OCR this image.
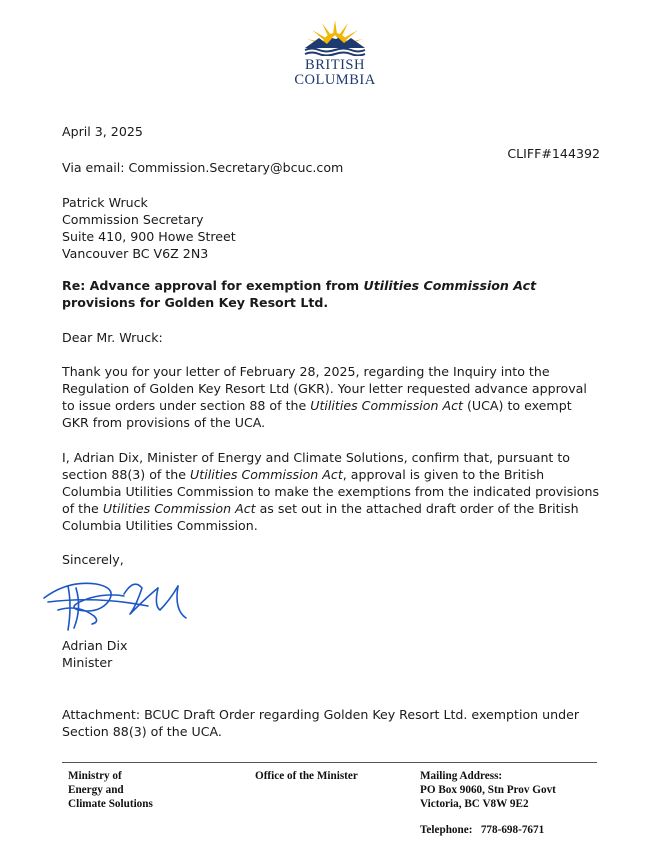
BRITISH
COLUMBIA
April 3, 2025
CLIFF#144392
Via email: Commission.Secretary@bcuc.com
Patrick Wruck
Commission Secretary
Suite 410, 900 Howe Street
Vancouver BC V6Z 2N3
Re: Advance approval for exemption from Utilities Commission Act provisions for Golden Key Resort Ltd.
Dear Mr. Wruck:

Thank you for your letter of February 28, 2025, regarding the Inquiry into the Regulation of Golden Key Resort Ltd (GKR). Your letter requested advance approval to issue orders under section 88 of the Utilities Commission Act (UCA) to exempt GKR from provisions of the UCA.

I, Adrian Dix, Minister of Energy and Climate Solutions, confirm that, pursuant to section 88(3) of the Utilities Commission Act, approval is given to the British Columbia Utilities Commission to make the exemptions from the indicated provisions of the Utilities Commission Act as set out in the attached draft order of the British Columbia Utilities Commission.

Sincerely,
Adrian Dix
Minister
Attachment: BCUC Draft Order regarding Golden Key Resort Ltd. exemption under Section 88(3) of the UCA.
Ministry of
Energy and
Climate Solutions
Office of the Minister	Mailing Address:
PO Box 9060, Stn Prov Govt
Victoria, BC V8W 9E2
Telephone: 778-698-7671
